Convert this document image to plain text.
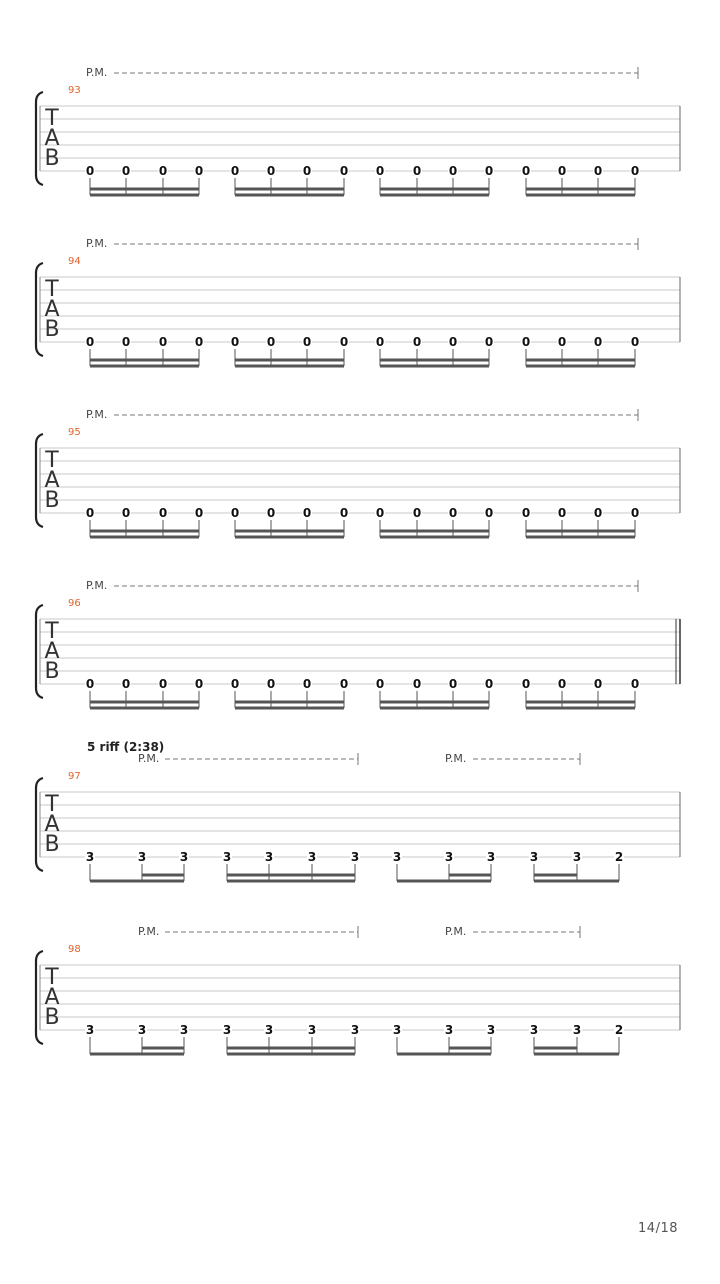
T
A
B
93
P.M.
0 0 0 0 0 0 0 0 0 0 0 0 0 0 0 0
T
A
B
94
P.M.
0 0 0 0 0 0 0 0 0 0 0 0 0 0 0 0
T
A
B
95
P.M.
0 0 0 0 0 0 0 0 0 0 0 0 0 0 0 0
T
A
B
96
P.M.
0 0 0 0 0 0 0 0 0 0 0 0 0 0 0 0
T
A
B
97
5 riff (2:38)
P.M.	P.M.
3	3	3	3	3	3	3	3	3	3	3	3	2
T
A
B
98
P.M.	P.M.
3	3	3	3	3	3	3	3	3	3	3	3	2
14/18
